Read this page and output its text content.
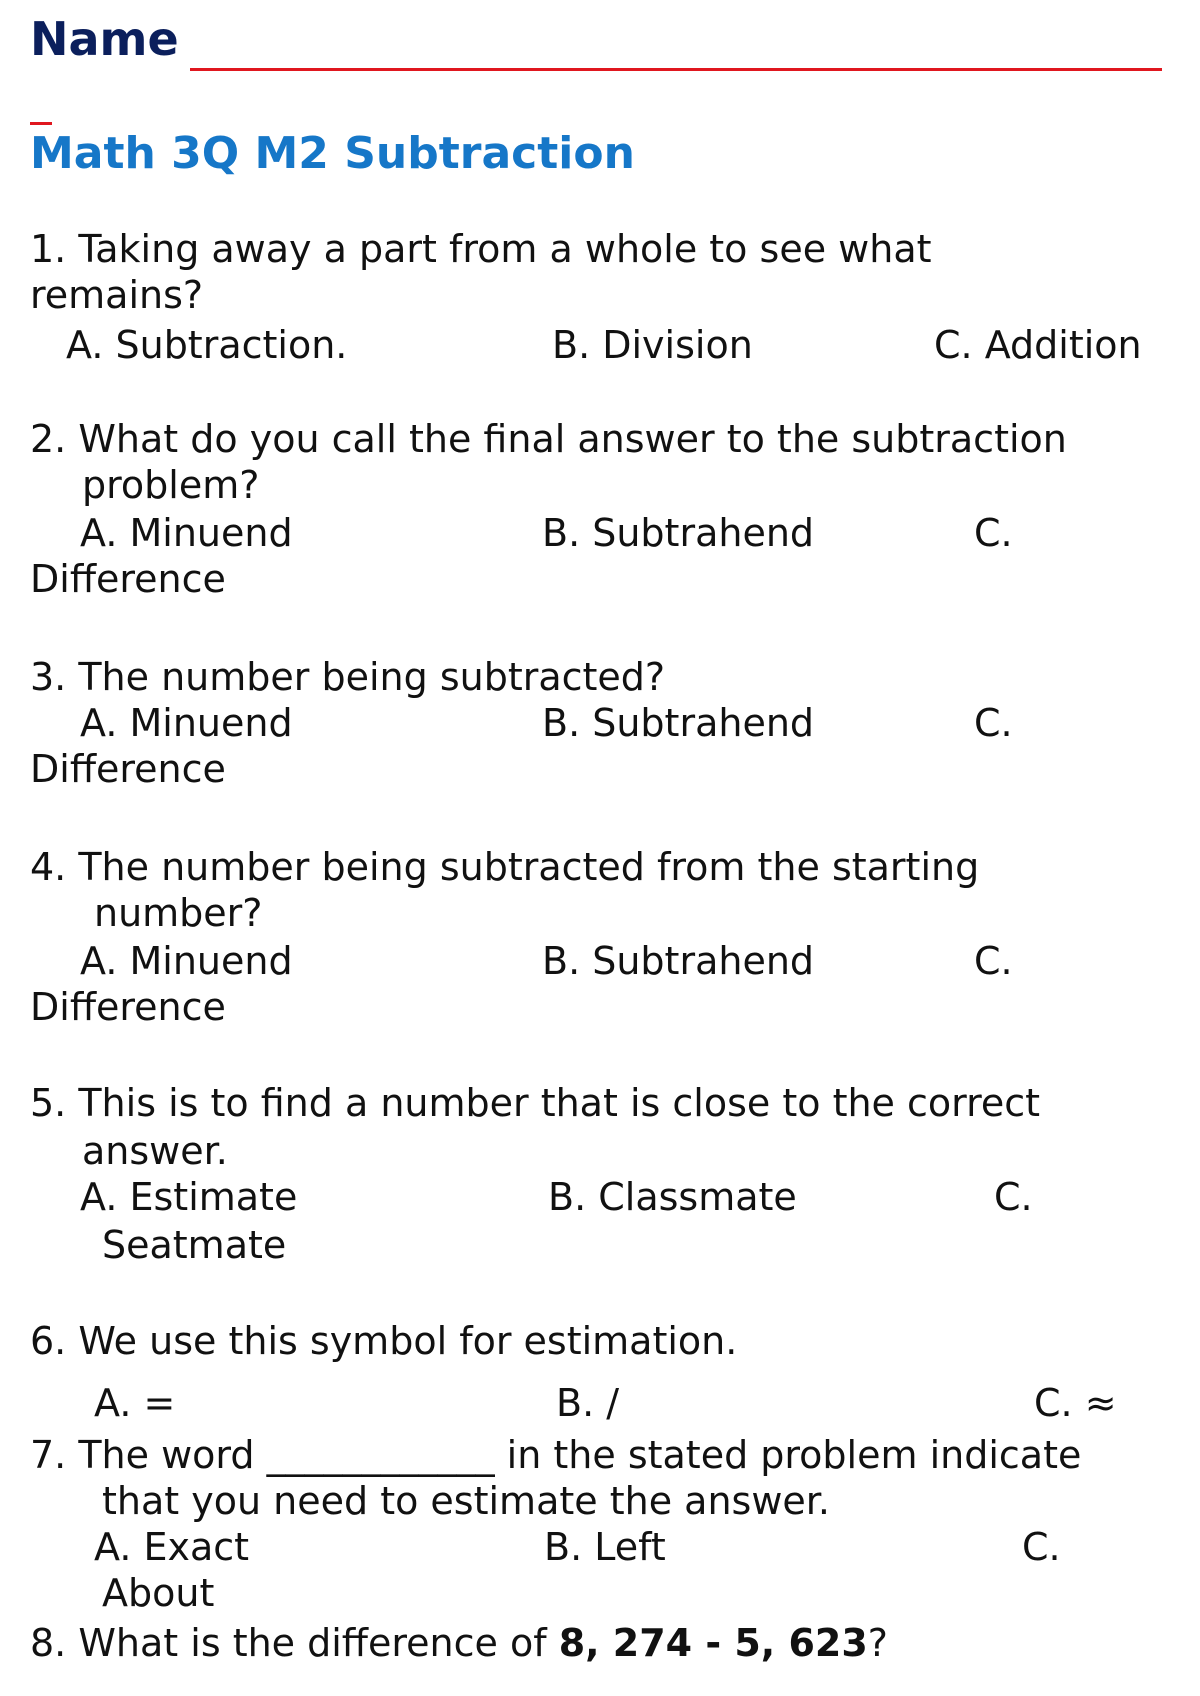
Name
Math 3Q M2 Subtraction
1. Taking away a part from a whole to see what
remains?
A. Subtraction.	B. Division	C. Addition
2. What do you call the final answer to the subtraction
problem?
A. Minuend	B. Subtrahend	C.
Difference
3. The number being subtracted?
A. Minuend	B. Subtrahend	C.
Difference
4. The number being subtracted from the starting
number?
A. Minuend	B. Subtrahend	C.
Difference
5. This is to find a number that is close to the correct
answer.
A. Estimate	B. Classmate	C.
Seatmate
6. We use this symbol for estimation.
A. =	B. /	C. ≈
7. The word ____________ in the stated problem indicate
that you need to estimate the answer.
A. Exact	B. Left	C.
About
8. What is the difference of 8, 274 - 5, 623?
